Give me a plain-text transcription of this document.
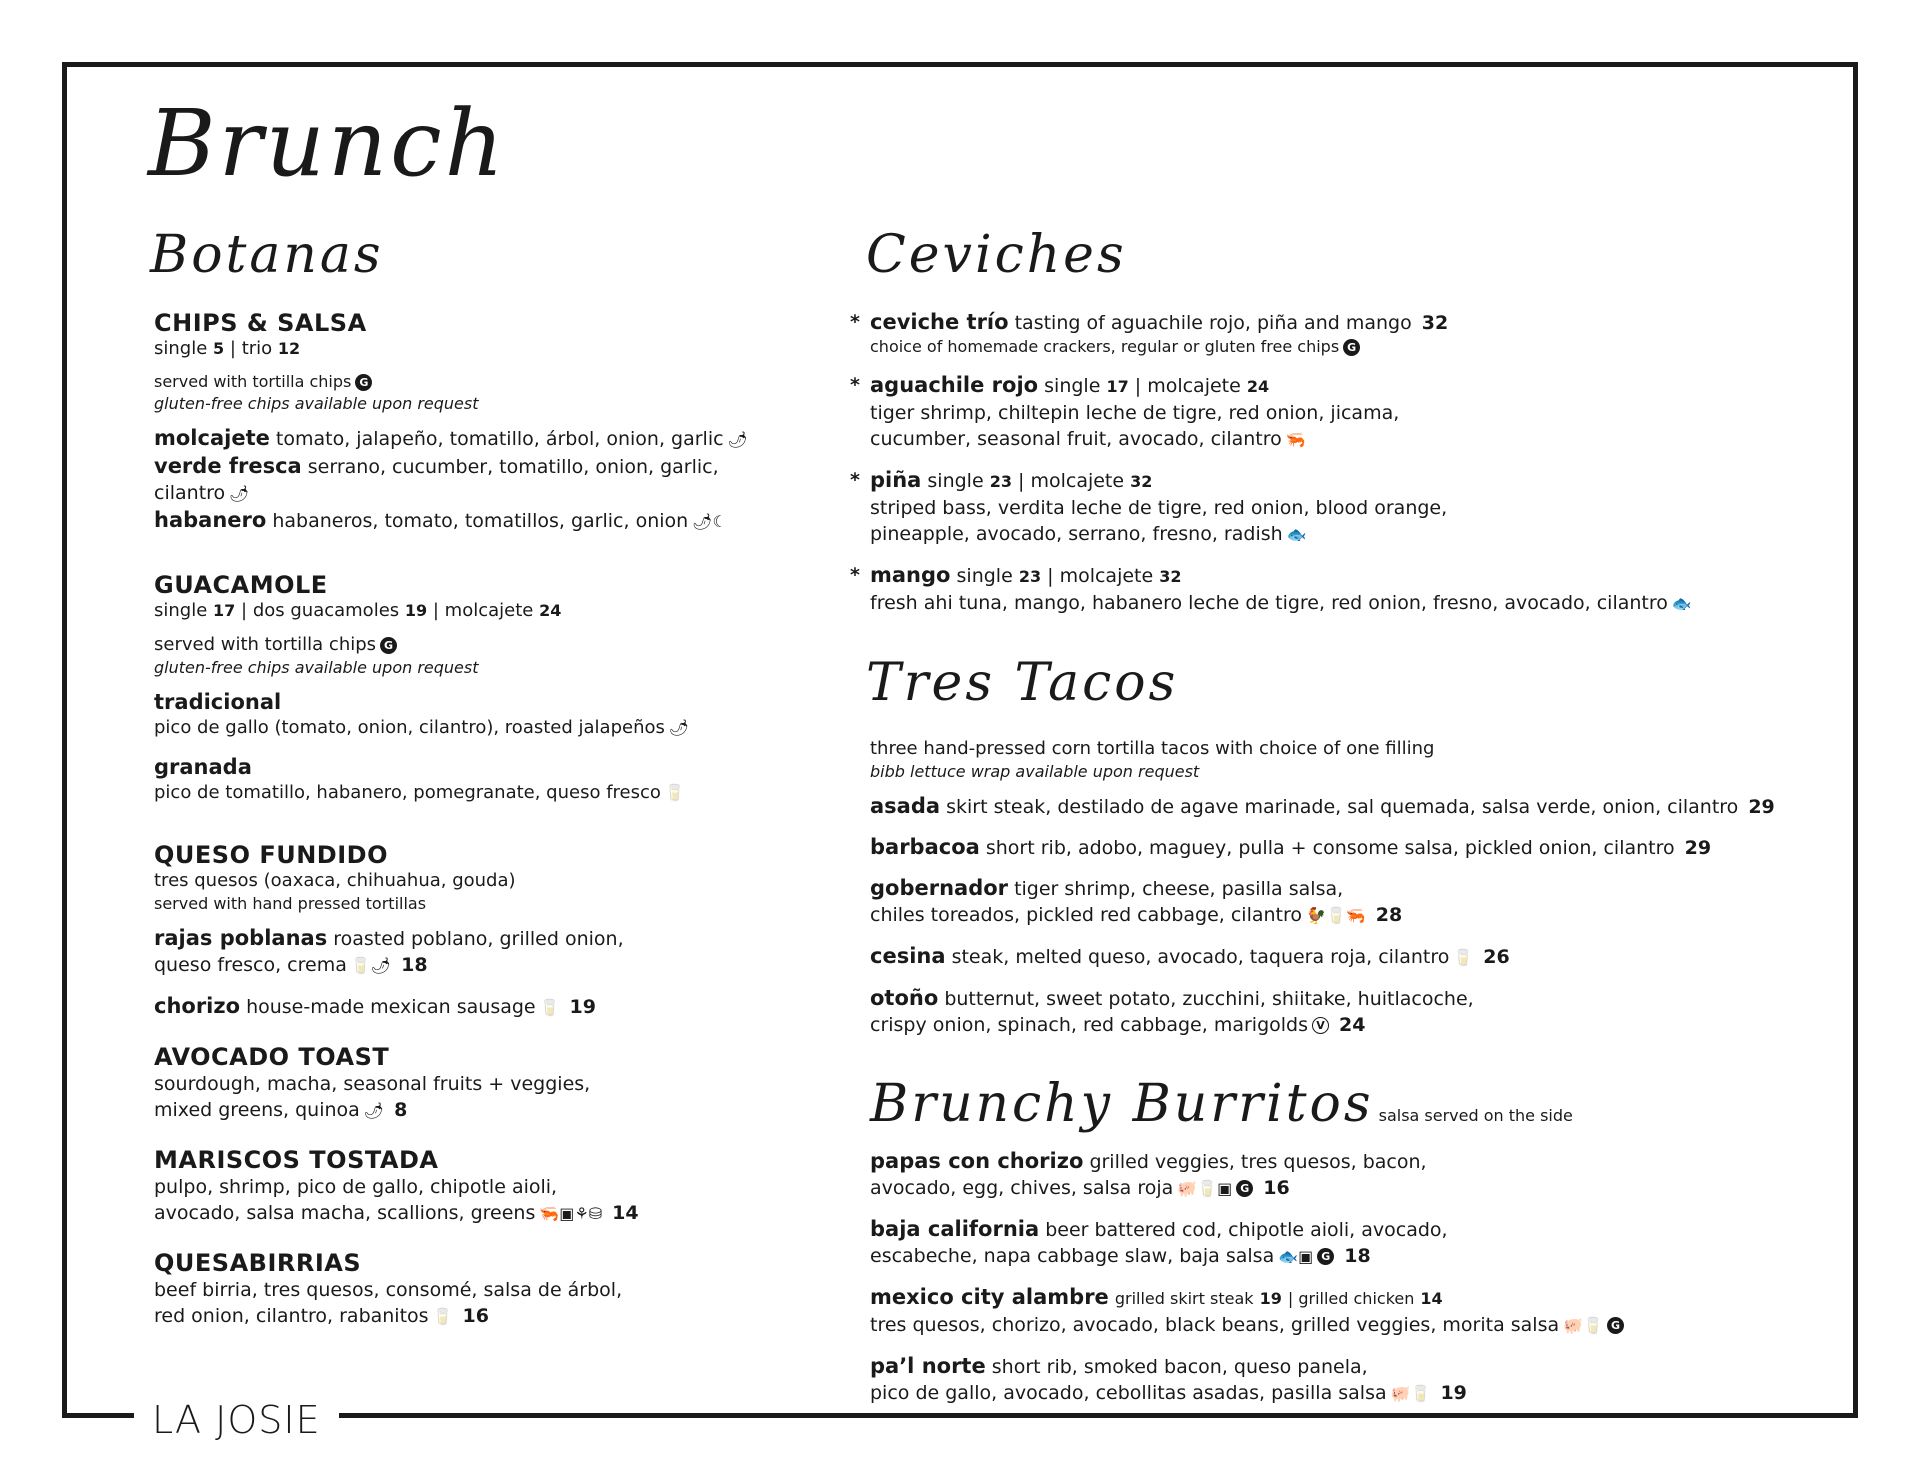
LA JOSIE
Brunch
Botanas
CHIPS & SALSA
single 5 | trio 12
served with tortilla chips G
gluten-free chips available upon request
molcajete tomato, jalapeño, tomatillo, árbol, onion, garlic 🌶
verde fresca serrano, cucumber, tomatillo, onion, garlic, cilantro 🌶
habanero habaneros, tomato, tomatillos, garlic, onion 🌶☾
GUACAMOLE
single 17 | dos guacamoles 19 | molcajete 24
served with tortilla chips G
gluten-free chips available upon request
tradicional
pico de gallo (tomato, onion, cilantro), roasted jalapeños 🌶
granada
pico de tomatillo, habanero, pomegranate, queso fresco 🥛
QUESO FUNDIDO
tres quesos (oaxaca, chihuahua, gouda)
served with hand pressed tortillas
rajas poblanas roasted poblano, grilled onion,
queso fresco, crema 🥛🌶 18
chorizo house-made mexican sausage 🥛 19
AVOCADO TOAST
sourdough, macha, seasonal fruits + veggies,
mixed greens, quinoa 🌶 8
MARISCOS TOSTADA
pulpo, shrimp, pico de gallo, chipotle aioli,
avocado, salsa macha, scallions, greens 🦐▣⚘⛁ 14
QUESABIRRIAS
beef birria, tres quesos, consomé, salsa de árbol,
red onion, cilantro, rabanitos 🥛 16
Ceviches
* ceviche trío tasting of aguachile rojo, piña and mango 32
choice of homemade crackers, regular or gluten free chips G
* aguachile rojo single 17 | molcajete 24
tiger shrimp, chiltepin leche de tigre, red onion, jicama,
cucumber, seasonal fruit, avocado, cilantro 🦐
* piña single 23 | molcajete 32
striped bass, verdita leche de tigre, red onion, blood orange,
pineapple, avocado, serrano, fresno, radish 🐟
* mango single 23 | molcajete 32
fresh ahi tuna, mango, habanero leche de tigre, red onion, fresno, avocado, cilantro 🐟
Tres Tacos
three hand-pressed corn tortilla tacos with choice of one filling
bibb lettuce wrap available upon request
asada skirt steak, destilado de agave marinade, sal quemada, salsa verde, onion, cilantro 29
barbacoa short rib, adobo, maguey, pulla + consome salsa, pickled onion, cilantro 29
gobernador tiger shrimp, cheese, pasilla salsa,
chiles toreados, pickled red cabbage, cilantro 🐓🥛🦐 28
cesina steak, melted queso, avocado, taquera roja, cilantro 🥛 26
otoño butternut, sweet potato, zucchini, shiitake, huitlacoche,
crispy onion, spinach, red cabbage, marigolds V 24
Brunchy Burritos salsa served on the side
papas con chorizo grilled veggies, tres quesos, bacon,
avocado, egg, chives, salsa roja 🐖🥛▣ G 16
baja california beer battered cod, chipotle aioli, avocado,
escabeche, napa cabbage slaw, baja salsa 🐟▣ G 18
mexico city alambre grilled skirt steak 19 | grilled chicken 14
tres quesos, chorizo, avocado, black beans, grilled veggies, morita salsa 🐖🥛 G
pa’l norte short rib, smoked bacon, queso panela,
pico de gallo, avocado, cebollitas asadas, pasilla salsa 🐖🥛 19
